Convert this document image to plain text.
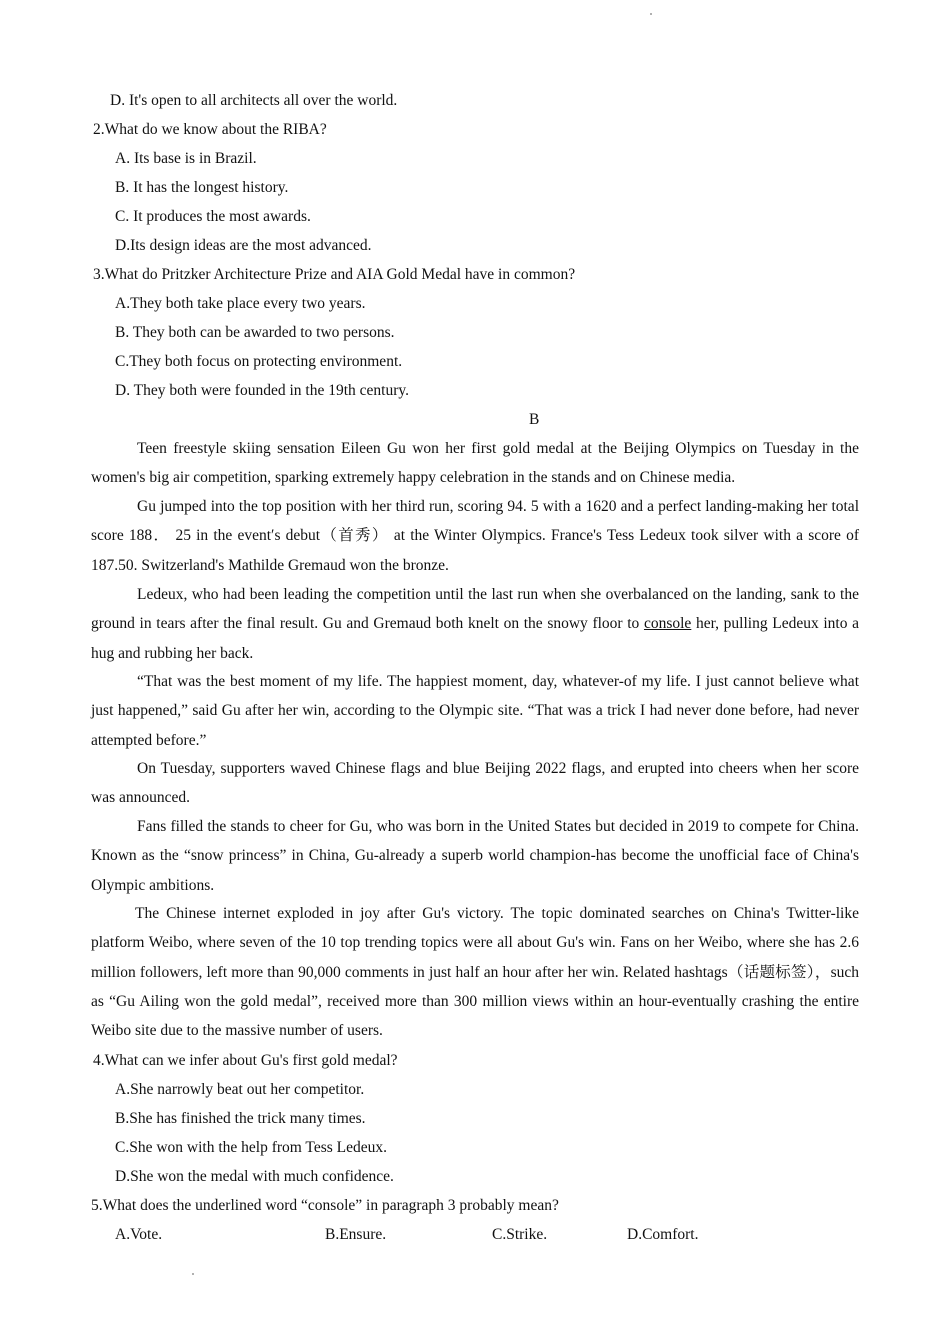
D. It's open to all architects all over the world.
2.What do we know about the RIBA?
A. Its base is in Brazil.
B. It has the longest history.
C. It produces the most awards.
D.Its design ideas are the most advanced.
3.What do Pritzker Architecture Prize and AIA Gold Medal have in common?
A.They both take place every two years.
B. They both can be awarded to two persons.
C.They both focus on protecting environment.
D. They both were founded in the 19th century.
B

Teen freestyle skiing sensation Eileen Gu won her first gold medal at the Beijing Olympics on Tuesday in the women's big air competition, sparking extremely happy celebration in the stands and on Chinese media.

Gu jumped into the top position with her third run, scoring 94. 5 with a 1620 and a perfect landing-making her total score 188． 25 in the event′s debut（首秀） at the Winter Olympics. France's Tess Ledeux took silver with a score of 187.50. Switzerland's Mathilde Gremaud won the bronze.

Ledeux, who had been leading the competition until the last run when she overbalanced on the landing, sank to the ground in tears after the final result. Gu and Gremaud both knelt on the snowy floor to console her, pulling Ledeux into a hug and rubbing her back.

“That was the best moment of my life. The happiest moment, day, whatever-of my life. I just cannot believe what just happened,” said Gu after her win, according to the Olympic site. “That was a trick I had never done before, had never attempted before.”

On Tuesday, supporters waved Chinese flags and blue Beijing 2022 flags, and erupted into cheers when her score was announced.

Fans filled the stands to cheer for Gu, who was born in the United States but decided in 2019 to compete for China. Known as the “snow princess” in China, Gu-already a superb world champion-has become the unofficial face of China's Olympic ambitions.

The Chinese internet exploded in joy after Gu's victory. The topic dominated searches on China's Twitter-like platform Weibo, where seven of the 10 top trending topics were all about Gu's win. Fans on her Weibo, where she has 2.6 million followers, left more than 90,000 comments in just half an hour after her win. Related hashtags（话题标签），such as “Gu Ailing won the gold medal”, received more than 300 million views within an hour-eventually crashing the entire Weibo site due to the massive number of users.

4.What can we infer about Gu's first gold medal?
A.She narrowly beat out her competitor.
B.She has finished the trick many times.
C.She won with the help from Tess Ledeux.
D.She won the medal with much confidence.
5.What does the underlined word “console” in paragraph 3 probably mean?
A.Vote.	B.Ensure.	C.Strike.	D.Comfort.
